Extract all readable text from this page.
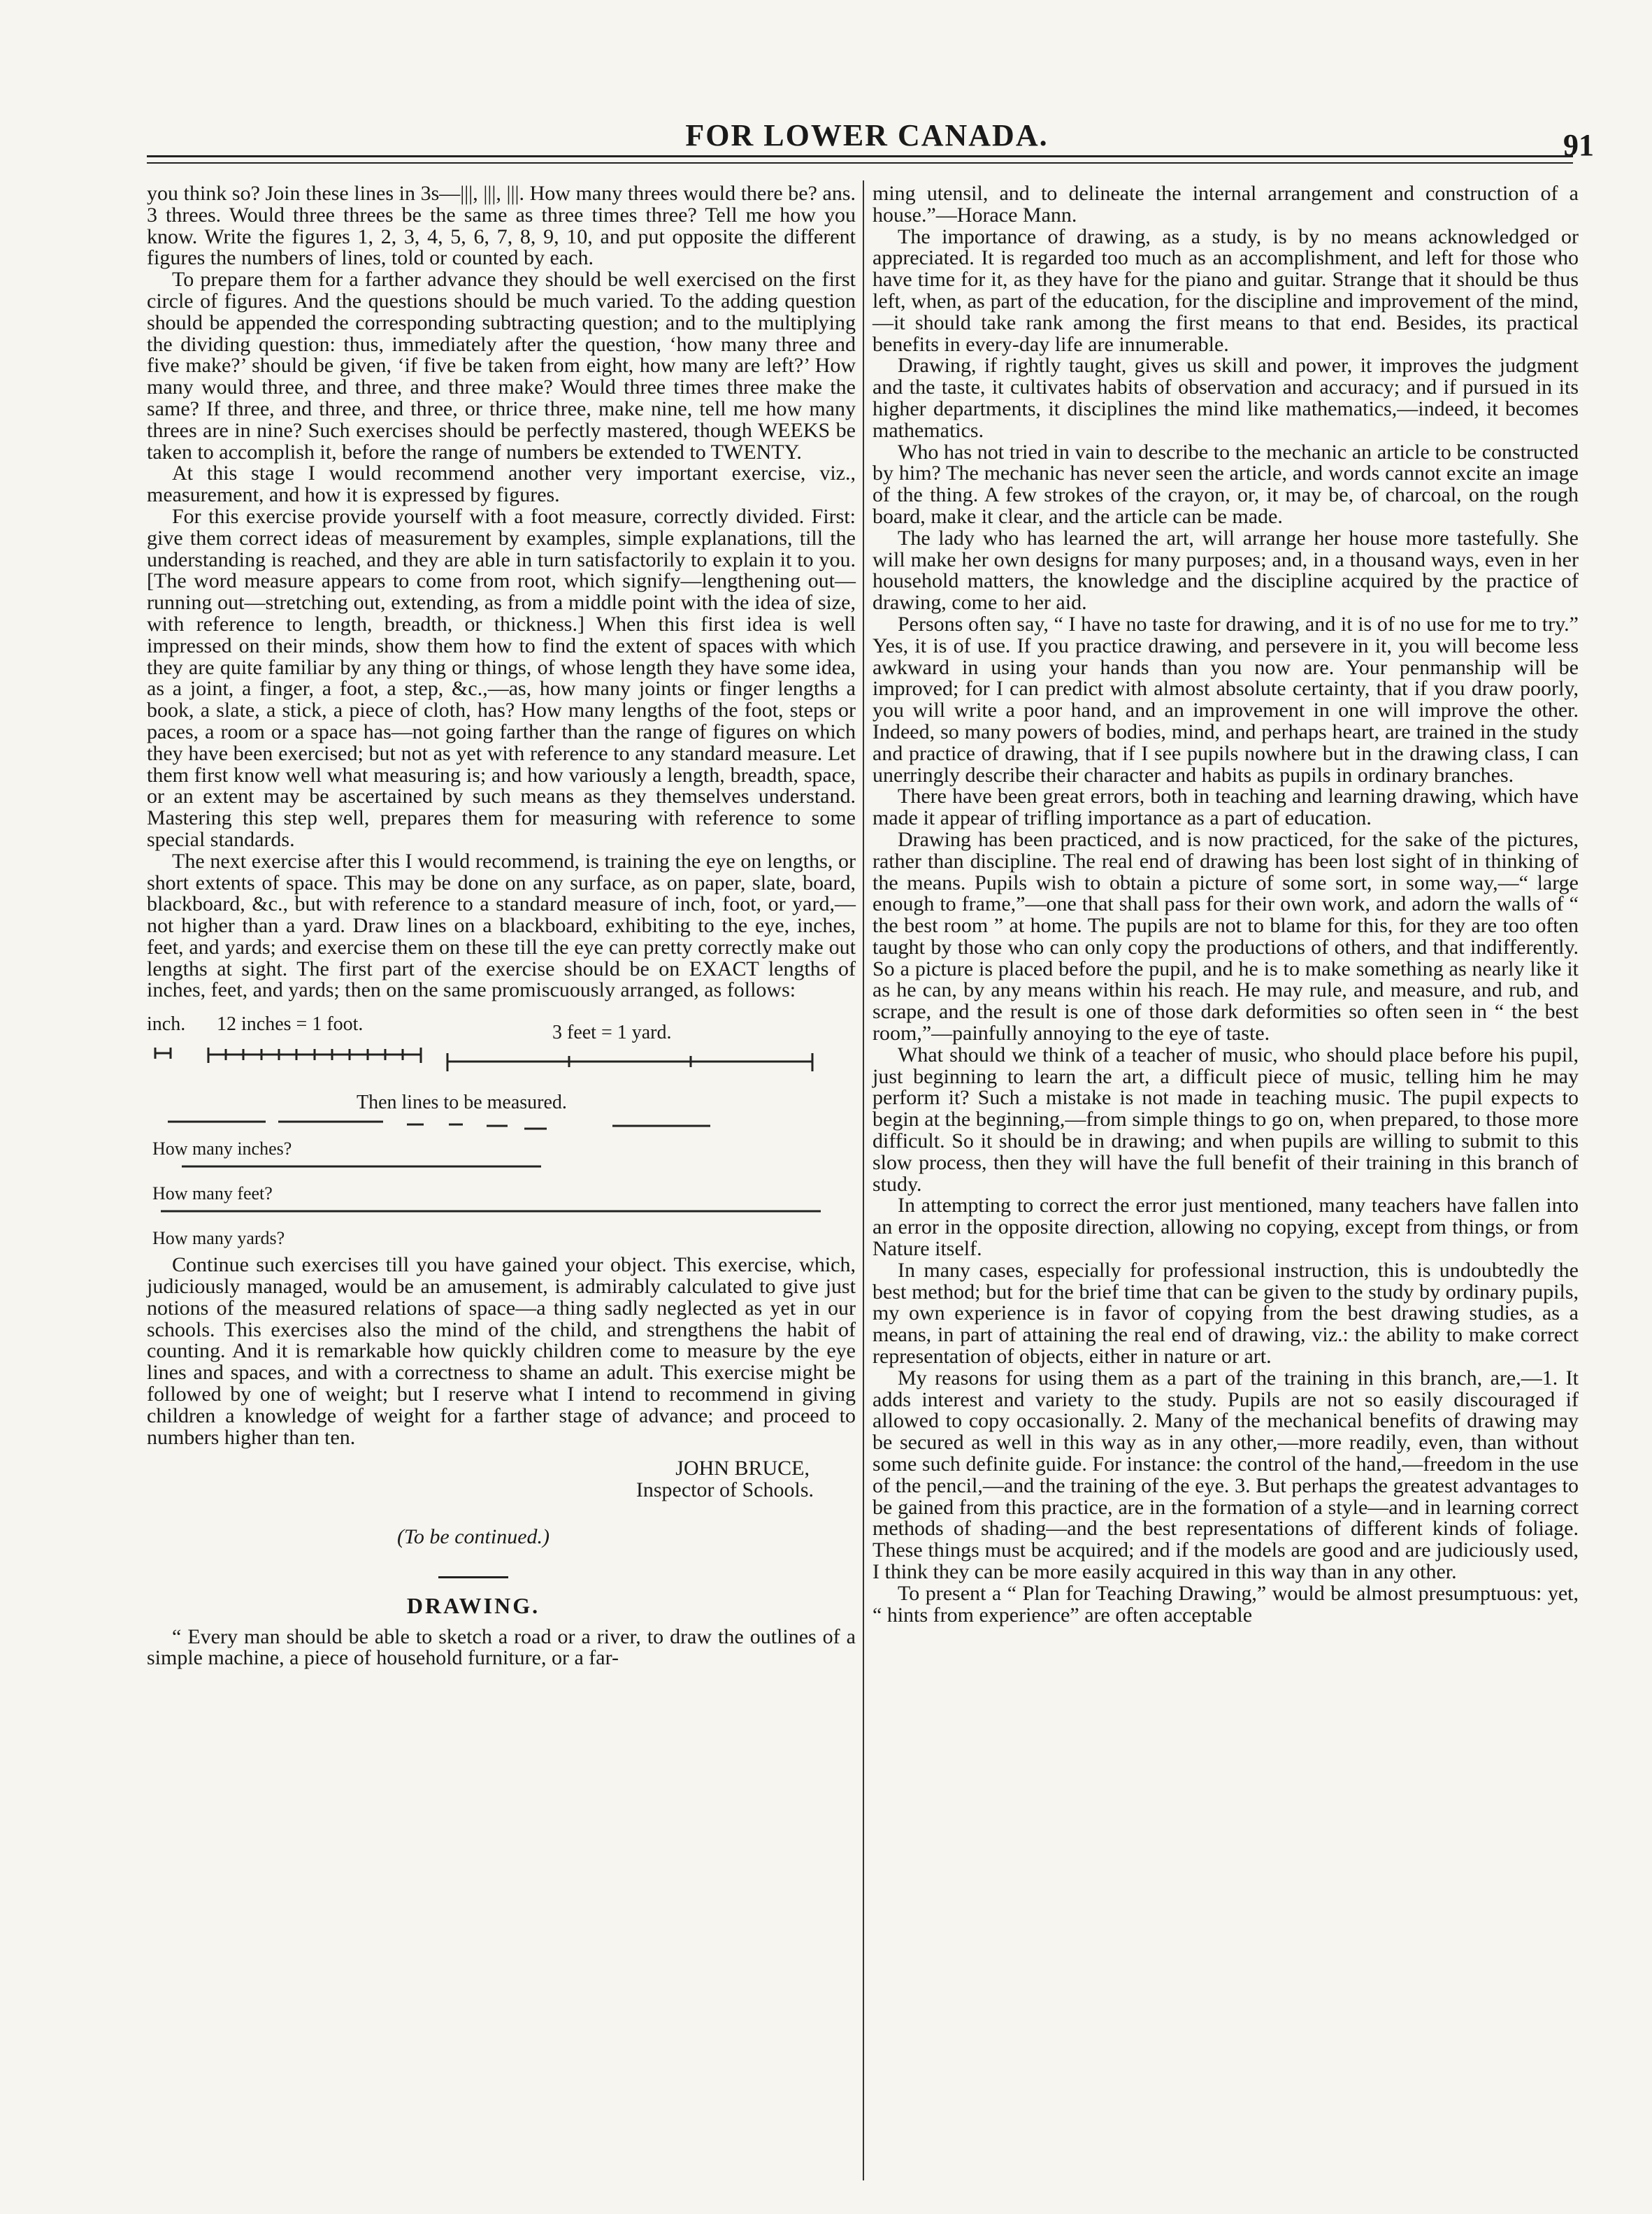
FOR LOWER CANADA.	91

you think so? Join these lines in 3s—|||, |||, |||. How many threes would there be? ans. 3 threes. Would three threes be the same as three times three? Tell me how you know. Write the figures 1, 2, 3, 4, 5, 6, 7, 8, 9, 10, and put opposite the different figures the numbers of lines, told or counted by each.

To prepare them for a farther advance they should be well exercised on the first circle of figures. And the questions should be much varied. To the adding question should be appended the corresponding subtracting question; and to the multiplying the dividing question: thus, immediately after the question, ‘how many three and five make?’ should be given, ‘if five be taken from eight, how many are left?’ How many would three, and three, and three make? Would three times three make the same? If three, and three, and three, or thrice three, make nine, tell me how many threes are in nine? Such exercises should be perfectly mastered, though WEEKS be taken to accomplish it, before the range of numbers be extended to TWENTY.

At this stage I would recommend another very important exercise, viz., measurement, and how it is expressed by figures.

For this exercise provide yourself with a foot measure, correctly divided. First: give them correct ideas of measurement by examples, simple explanations, till the understanding is reached, and they are able in turn satisfactorily to explain it to you. [The word measure appears to come from root, which signify—lengthening out—running out—stretching out, extending, as from a middle point with the idea of size, with reference to length, breadth, or thickness.] When this first idea is well impressed on their minds, show them how to find the extent of spaces with which they are quite familiar by any thing or things, of whose length they have some idea, as a joint, a finger, a foot, a step, &c.,—as, how many joints or finger lengths a book, a slate, a stick, a piece of cloth, has? How many lengths of the foot, steps or paces, a room or a space has—not going farther than the range of figures on which they have been exercised; but not as yet with reference to any standard measure. Let them first know well what measuring is; and how variously a length, breadth, space, or an extent may be ascertained by such means as they themselves understand. Mastering this step well, prepares them for measuring with reference to some special standards.

The next exercise after this I would recommend, is training the eye on lengths, or short extents of space. This may be done on any surface, as on paper, slate, board, blackboard, &c., but with reference to a standard measure of inch, foot, or yard,—not higher than a yard. Draw lines on a blackboard, exhibiting to the eye, inches, feet, and yards; and exercise them on these till the eye can pretty correctly make out lengths at sight. The first part of the exercise should be on EXACT lengths of inches, feet, and yards; then on the same promiscuously arranged, as follows:

inch. 12 inches = 1 foot.	3 feet = 1 yard.
Then lines to be measured.
How many inches?
How many feet?
How many yards?

Continue such exercises till you have gained your object. This exercise, which, judiciously managed, would be an amusement, is admirably calculated to give just notions of the measured relations of space—a thing sadly neglected as yet in our schools. This exercises also the mind of the child, and strengthens the habit of counting. And it is remarkable how quickly children come to measure by the eye lines and spaces, and with a correctness to shame an adult. This exercise might be followed by one of weight; but I reserve what I intend to recommend in giving children a knowledge of weight for a farther stage of advance; and proceed to numbers higher than ten.

JOHN BRUCE,
Inspector of Schools.
(To be continued.)
DRAWING.

“ Every man should be able to sketch a road or a river, to draw the outlines of a simple machine, a piece of household furniture, or a far-

ming utensil, and to delineate the internal arrangement and construction of a house.”—Horace Mann.

The importance of drawing, as a study, is by no means acknowledged or appreciated. It is regarded too much as an accomplishment, and left for those who have time for it, as they have for the piano and guitar. Strange that it should be thus left, when, as part of the education, for the discipline and improvement of the mind,—it should take rank among the first means to that end. Besides, its practical benefits in every-day life are innumerable.

Drawing, if rightly taught, gives us skill and power, it improves the judgment and the taste, it cultivates habits of observation and accuracy; and if pursued in its higher departments, it disciplines the mind like mathematics,—indeed, it becomes mathematics.

Who has not tried in vain to describe to the mechanic an article to be constructed by him? The mechanic has never seen the article, and words cannot excite an image of the thing. A few strokes of the crayon, or, it may be, of charcoal, on the rough board, make it clear, and the article can be made.

The lady who has learned the art, will arrange her house more tastefully. She will make her own designs for many purposes; and, in a thousand ways, even in her household matters, the knowledge and the discipline acquired by the practice of drawing, come to her aid.

Persons often say, “ I have no taste for drawing, and it is of no use for me to try.” Yes, it is of use. If you practice drawing, and persevere in it, you will become less awkward in using your hands than you now are. Your penmanship will be improved; for I can predict with almost absolute certainty, that if you draw poorly, you will write a poor hand, and an improvement in one will improve the other. Indeed, so many powers of bodies, mind, and perhaps heart, are trained in the study and practice of drawing, that if I see pupils nowhere but in the drawing class, I can unerringly describe their character and habits as pupils in ordinary branches.

There have been great errors, both in teaching and learning drawing, which have made it appear of trifling importance as a part of education.

Drawing has been practiced, and is now practiced, for the sake of the pictures, rather than discipline. The real end of drawing has been lost sight of in thinking of the means. Pupils wish to obtain a picture of some sort, in some way,—“ large enough to frame,”—one that shall pass for their own work, and adorn the walls of “ the best room ” at home. The pupils are not to blame for this, for they are too often taught by those who can only copy the productions of others, and that indifferently. So a picture is placed before the pupil, and he is to make something as nearly like it as he can, by any means within his reach. He may rule, and measure, and rub, and scrape, and the result is one of those dark deformities so often seen in “ the best room,”—painfully annoying to the eye of taste.

What should we think of a teacher of music, who should place before his pupil, just beginning to learn the art, a difficult piece of music, telling him he may perform it? Such a mistake is not made in teaching music. The pupil expects to begin at the beginning,—from simple things to go on, when prepared, to those more difficult. So it should be in drawing; and when pupils are willing to submit to this slow process, then they will have the full benefit of their training in this branch of study.

In attempting to correct the error just mentioned, many teachers have fallen into an error in the opposite direction, allowing no copying, except from things, or from Nature itself.

In many cases, especially for professional instruction, this is undoubtedly the best method; but for the brief time that can be given to the study by ordinary pupils, my own experience is in favor of copying from the best drawing studies, as a means, in part of attaining the real end of drawing, viz.: the ability to make correct representation of objects, either in nature or art.

My reasons for using them as a part of the training in this branch, are,—1. It adds interest and variety to the study. Pupils are not so easily discouraged if allowed to copy occasionally. 2. Many of the mechanical benefits of drawing may be secured as well in this way as in any other,—more readily, even, than without some such definite guide. For instance: the control of the hand,—freedom in the use of the pencil,—and the training of the eye. 3. But perhaps the greatest advantages to be gained from this practice, are in the formation of a style—and in learning correct methods of shading—and the best representations of different kinds of foliage. These things must be acquired; and if the models are good and are judiciously used, I think they can be more easily acquired in this way than in any other.

To present a “ Plan for Teaching Drawing,” would be almost presumptuous: yet, “ hints from experience” are often acceptable
